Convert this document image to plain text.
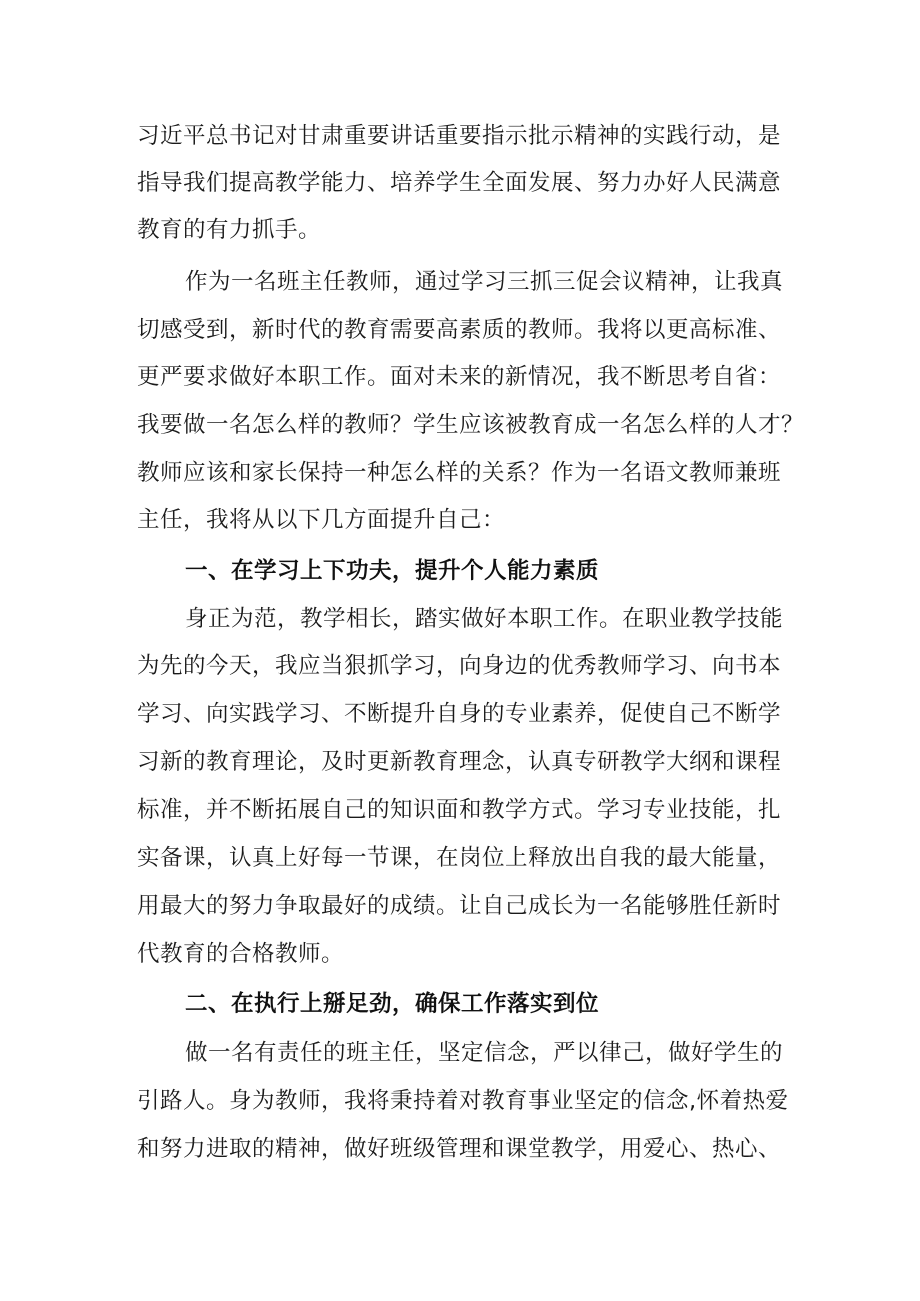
习近平总书记对甘肃重要讲话重要指示批示精神的实践行动，是
指导我们提高教学能力、培养学生全面发展、努力办好人民满意
教育的有力抓手。
作为一名班主任教师，通过学习三抓三促会议精神，让我真
切感受到，新时代的教育需要高素质的教师。我将以更高标准、
更严要求做好本职工作。面对未来的新情况，我不断思考自省：
我要做一名怎么样的教师？学生应该被教育成一名怎么样的人才？
教师应该和家长保持一种怎么样的关系？作为一名语文教师兼班
主任，我将从以下几方面提升自己：
一、在学习上下功夫，提升个人能力素质
身正为范，教学相长，踏实做好本职工作。在职业教学技能
为先的今天，我应当狠抓学习，向身边的优秀教师学习、向书本
学习、向实践学习、不断提升自身的专业素养，促使自己不断学
习新的教育理论，及时更新教育理念，认真专研教学大纲和课程
标准，并不断拓展自己的知识面和教学方式。学习专业技能，扎
实备课，认真上好每一节课，在岗位上释放出自我的最大能量，
用最大的努力争取最好的成绩。让自己成长为一名能够胜任新时
代教育的合格教师。
二、在执行上掰足劲，确保工作落实到位
做一名有责任的班主任，坚定信念，严以律己，做好学生的
引路人。身为教师，我将秉持着对教育事业坚定的信念,怀着热爱
和努力进取的精神，做好班级管理和课堂教学，用爱心、热心、
